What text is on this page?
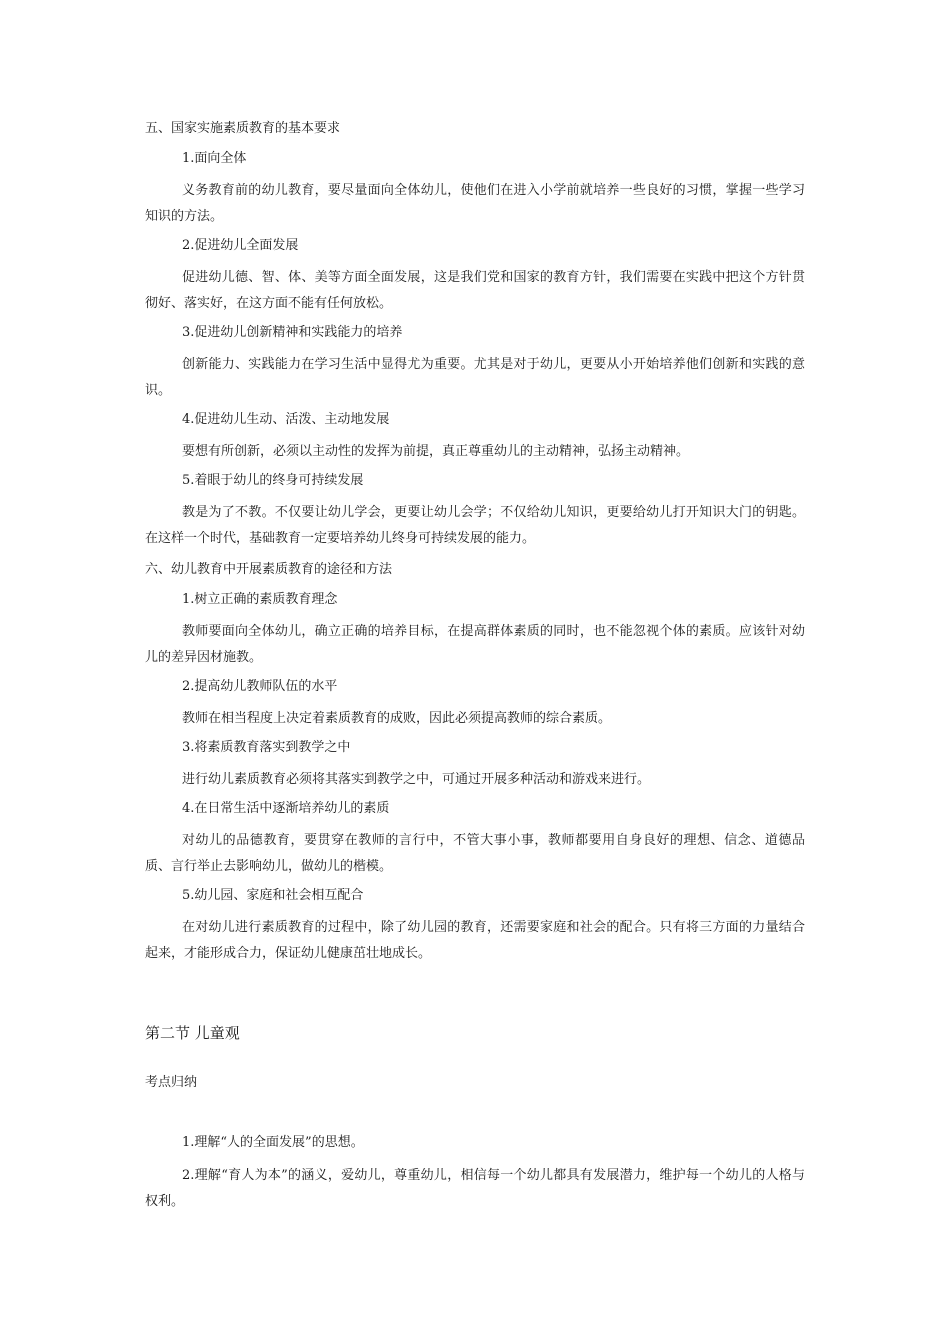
五、国家实施素质教育的基本要求
1.面向全体
义务教育前的幼儿教育，要尽量面向全体幼儿，使他们在进入小学前就培养一些良好的习惯，掌握一些学习知识的方法。
2.促进幼儿全面发展
促进幼儿德、智、体、美等方面全面发展，这是我们党和国家的教育方针，我们需要在实践中把这个方针贯彻好、落实好，在这方面不能有任何放松。
3.促进幼儿创新精神和实践能力的培养
创新能力、实践能力在学习生活中显得尤为重要。尤其是对于幼儿，更要从小开始培养他们创新和实践的意识。
4.促进幼儿生动、活泼、主动地发展
要想有所创新，必须以主动性的发挥为前提，真正尊重幼儿的主动精神，弘扬主动精神。
5.着眼于幼儿的终身可持续发展
教是为了不教。不仅要让幼儿学会，更要让幼儿会学；不仅给幼儿知识，更要给幼儿打开知识大门的钥匙。在这样一个时代，基础教育一定要培养幼儿终身可持续发展的能力。
六、幼儿教育中开展素质教育的途径和方法
1.树立正确的素质教育理念
教师要面向全体幼儿，确立正确的培养目标，在提高群体素质的同时，也不能忽视个体的素质。应该针对幼儿的差异因材施教。
2.提高幼儿教师队伍的水平
教师在相当程度上决定着素质教育的成败，因此必须提高教师的综合素质。
3.将素质教育落实到教学之中
进行幼儿素质教育必须将其落实到教学之中，可通过开展多种活动和游戏来进行。
4.在日常生活中逐渐培养幼儿的素质
对幼儿的品德教育，要贯穿在教师的言行中，不管大事小事，教师都要用自身良好的理想、信念、道德品质、言行举止去影响幼儿，做幼儿的楷模。
5.幼儿园、家庭和社会相互配合
在对幼儿进行素质教育的过程中，除了幼儿园的教育，还需要家庭和社会的配合。只有将三方面的力量结合起来，才能形成合力，保证幼儿健康茁壮地成长。
第二节 儿童观
考点归纳
1.理解“人的全面发展”的思想。
2.理解“育人为本”的涵义，爱幼儿，尊重幼儿，相信每一个幼儿都具有发展潜力，维护每一个幼儿的人格与权利。
